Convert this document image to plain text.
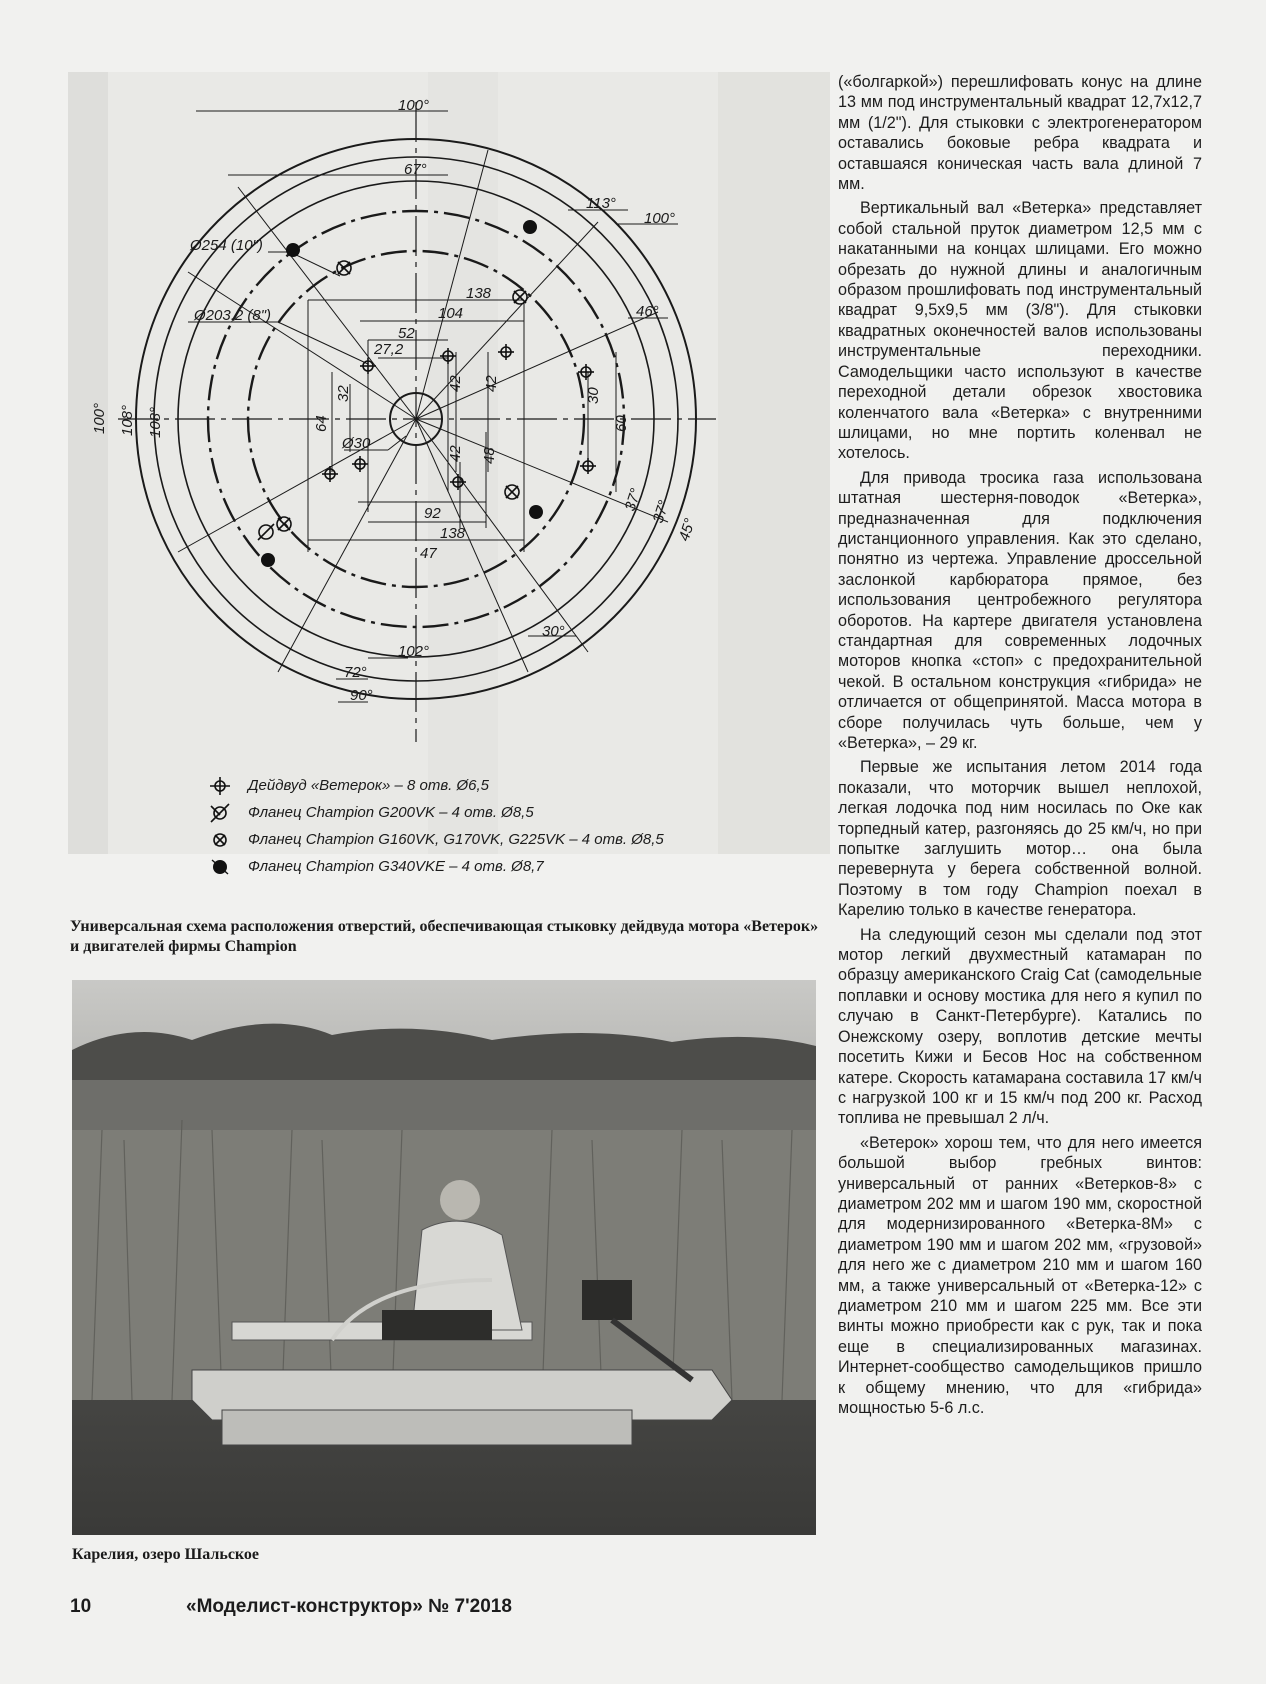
100°
67°
113°
100°
Ø254 (10")
Ø203,2 (8")
138
104
52
27,2
46°
Ø30
47
92
138
30°
102°
72°
90°
100° 108° 108°	64
32
42 42
42 48
30
60
37° 37°
45°
Дейдвуд «Ветерок» – 8 отв. Ø6,5
Фланец Champion G200VK – 4 отв. Ø8,5
Фланец Champion G160VK, G170VK, G225VK – 4 отв. Ø8,5
Фланец Champion G340VKE – 4 отв. Ø8,7

Универсальная схема расположения отверстий, обеспечивающая стыковку дейдвуда мотора «Ветерок» и двигателей фирмы Champion

Карелия, озеро Шальское

(«болгаркой») перешлифовать конус на длине 13 мм под инструментальный квадрат 12,7х12,7 мм (1/2"). Для стыковки с электрогенератором оставались боковые ребра квадрата и оставшаяся коническая часть вала длиной 7 мм.

Вертикальный вал «Ветерка» представляет собой стальной пруток диаметром 12,5 мм с накатанными на концах шлицами. Его можно обрезать до нужной длины и аналогичным образом прошлифовать под инструментальный квадрат 9,5х9,5 мм (3/8"). Для стыковки квадратных оконечностей валов использованы инструментальные переходники. Самодельщики часто используют в качестве переходной детали обрезок хвостовика коленчатого вала «Ветерка» с внутренними шлицами, но мне портить коленвал не хотелось.

Для привода тросика газа использована штатная шестерня-поводок «Ветерка», предназначенная для подключения дистанционного управления. Как это сделано, понятно из чертежа. Управление дроссельной заслонкой карбюратора прямое, без использования центробежного регулятора оборотов. На картере двигателя установлена стандартная для современных лодочных моторов кнопка «стоп» с предохранительной чекой. В остальном конструкция «гибрида» не отличается от общепринятой. Масса мотора в сборе получилась чуть больше, чем у «Ветерка», – 29 кг.

Первые же испытания летом 2014 года показали, что моторчик вышел неплохой, легкая лодочка под ним носилась по Оке как торпедный катер, разгоняясь до 25 км/ч, но при попытке заглушить мотор… она была перевернута у берега собственной волной. Поэтому в том году Champion поехал в Карелию только в качестве генератора.

На следующий сезон мы сделали под этот мотор легкий двухместный катамаран по образцу американского Craig Cat (самодельные поплавки и основу мостика для него я купил по случаю в Санкт-Петербурге). Катались по Онежскому озеру, воплотив детские мечты посетить Кижи и Бесов Нос на собственном катере. Скорость катамарана составила 17 км/ч с нагрузкой 100 кг и 15 км/ч под 200 кг. Расход топлива не превышал 2 л/ч.

«Ветерок» хорош тем, что для него имеется большой выбор гребных винтов: универсальный от ранних «Ветерков-8» с диаметром 202 мм и шагом 190 мм, скоростной для модернизированного «Ветерка-8М» с диаметром 190 мм и шагом 202 мм, «грузовой» для него же с диаметром 210 мм и шагом 160 мм, а также универсальный от «Ветерка-12» с диаметром 210 мм и шагом 225 мм. Все эти винты можно приобрести как с рук, так и пока еще в специализированных магазинах. Интернет-сообщество самодельщиков пришло к общему мнению, что для «гибрида» мощностью 5-6 л.с.

10	«Моделист-конструктор» № 7'2018
